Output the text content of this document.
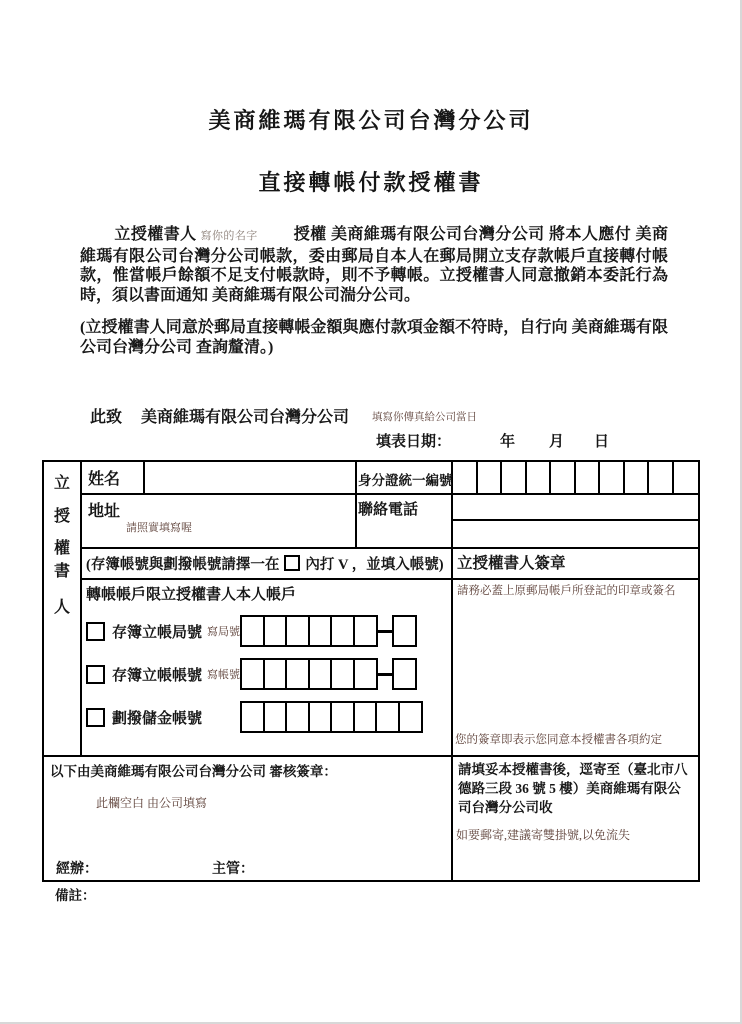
美商維瑪有限公司台灣分公司
直接轉帳付款授權書
立授權書人 寫你的名字 授權 美商維瑪有限公司台灣分公司 將本人應付 美商維瑪有限公司台灣分公司帳款，委由郵局自本人在郵局開立支存款帳戶直接轉付帳款，惟當帳戶餘額不足支付帳款時，則不予轉帳。立授權書人同意撤銷本委託行為時，須以書面通知 美商維瑪有限公司湍分公司。
(立授權書人同意於郵局直接轉帳金額與應付款項金額不符時，自行向 美商維瑪有限公司台灣分公司 查詢釐清。)
此致 美商維瑪有限公司台灣分公司 填寫你傳真給公司當日
填表日期：	年 月 日
立
授
權
書
人
姓名	身分證統一編號
地址
請照實填寫喔
聯絡電話
(存簿帳號與劃撥帳號請擇一在 內打 V ，並填入帳號) 立授權書人簽章
轉帳帳戶限立授權書人本人帳戶
存簿立帳局號 寫局號
存簿立帳帳號 寫帳號
劃撥儲金帳號
請務必蓋上原郵局帳戶所登記的印章或簽名
您的簽章即表示您同意本授權書各項約定
以下由美商維瑪有限公司台灣分公司 審核簽章：
此欄空白 由公司填寫
經辦：	主管：
請填妥本授權書後，逕寄至（臺北市八德路三段 36 號 5 樓）美商維瑪有限公司台灣分公司收
如要郵寄,建議寄雙掛號,以免流失
備註：
